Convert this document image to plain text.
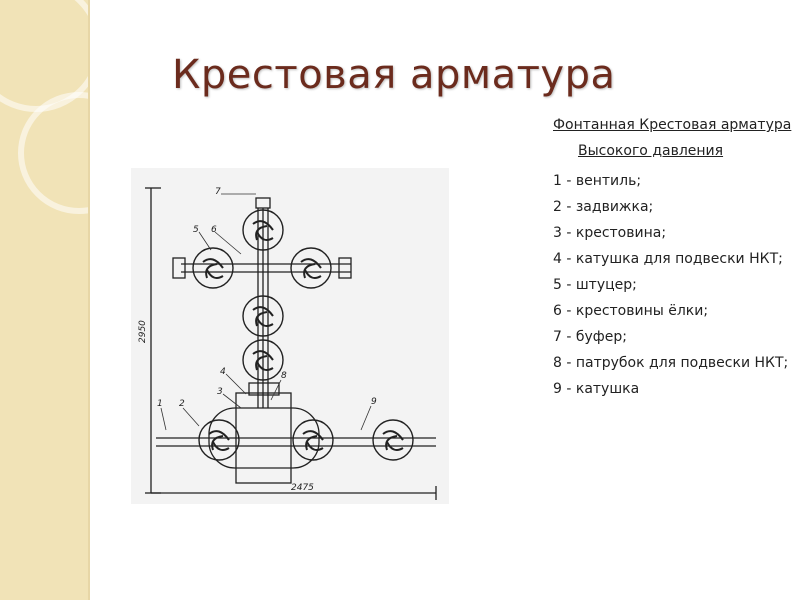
Крестовая арматура
7
5 6
4
3
8
1 2	9
2950
2475
Фонтанная Крестовая арматура Высокого давления
1 - вентиль;
2 - задвижка;
3 - крестовина;
4 - катушка для подвески НКТ;
5 - штуцер;
6 - крестовины ёлки;
7 - буфер;
8 - патрубок для подвески НКТ;
9 - катушка
